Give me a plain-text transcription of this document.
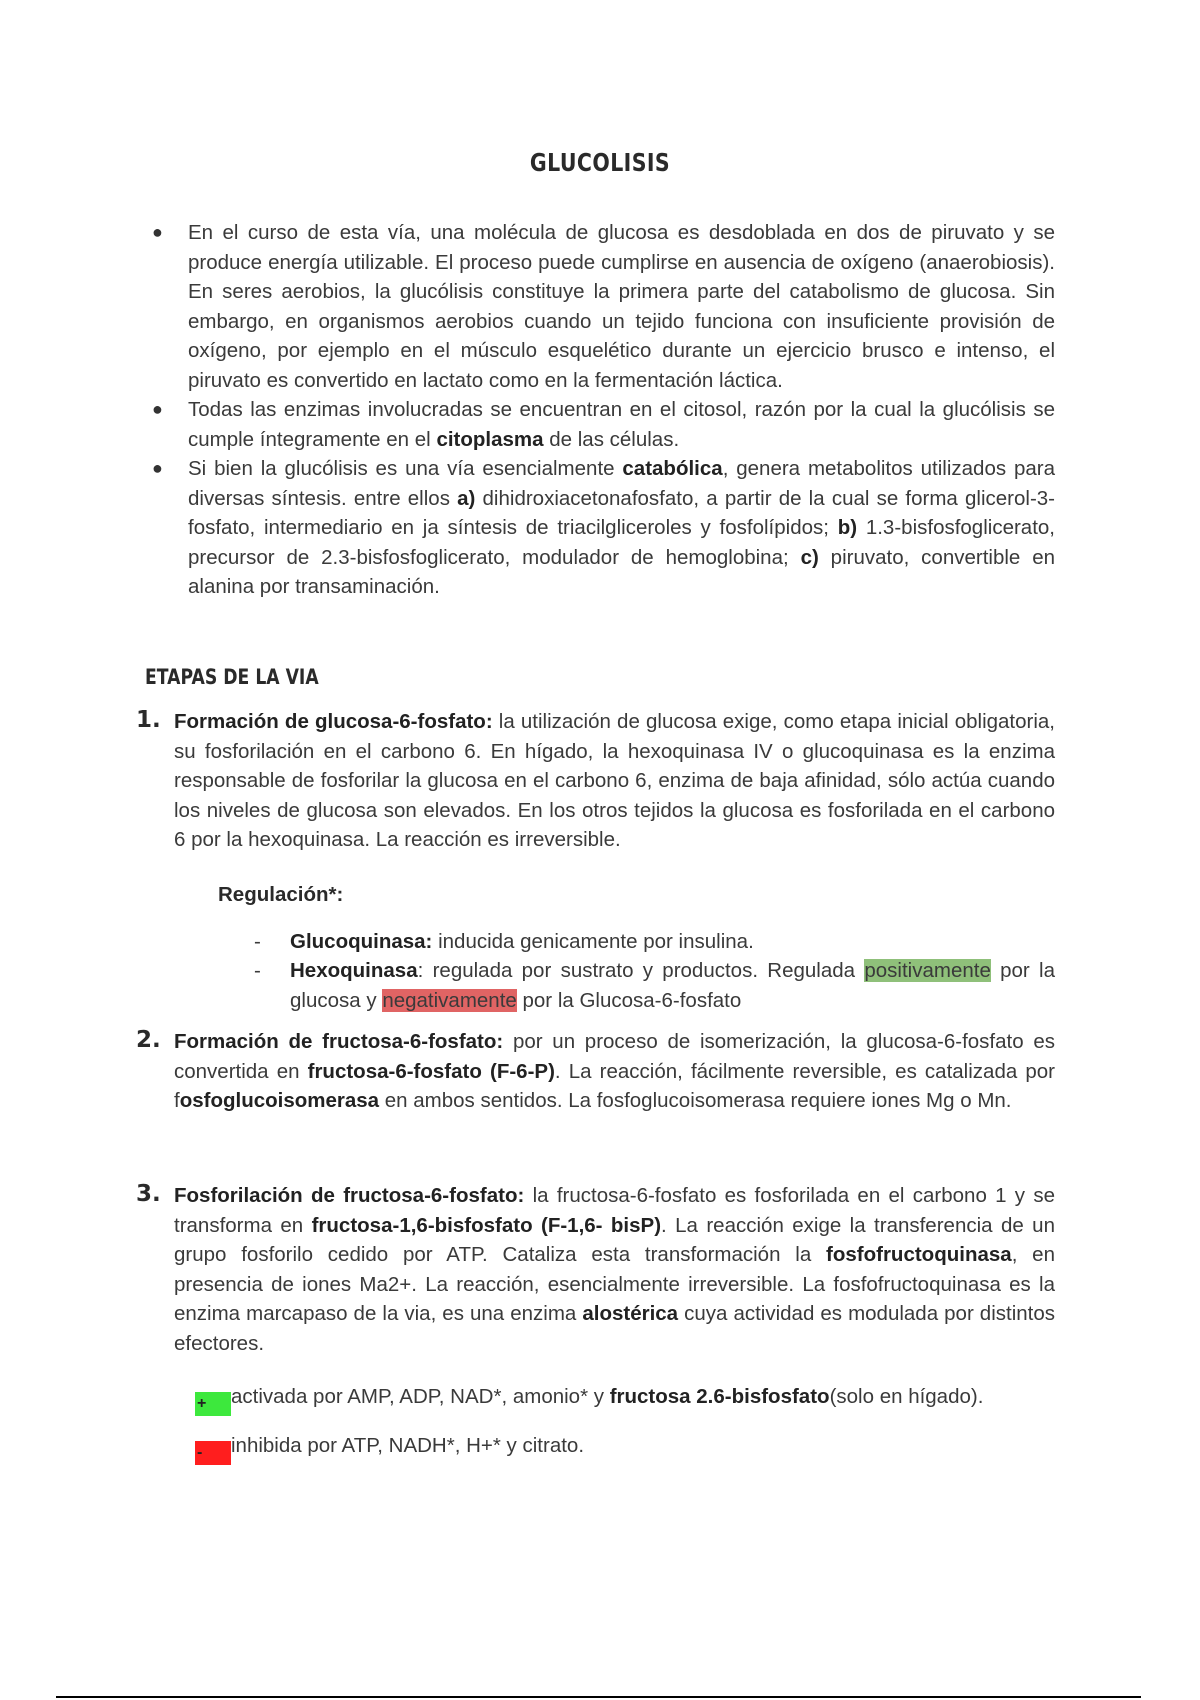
GLUCOLISIS
● En el curso de esta vía, una molécula de glucosa es desdoblada en dos de piruvato y se produce energía utilizable. El proceso puede cumplirse en ausencia de oxígeno (anaerobiosis). En seres aerobios, la glucólisis constituye la primera parte del catabolismo de glucosa. Sin embargo, en organismos aerobios cuando un tejido funciona con insuficiente provisión de oxígeno, por ejemplo en el músculo esquelético durante un ejercicio brusco e intenso, el piruvato es convertido en lactato como en la fermentación láctica.
● Todas las enzimas involucradas se encuentran en el citosol, razón por la cual la glucólisis se cumple íntegramente en el citoplasma de las células.
● Si bien la glucólisis es una vía esencialmente catabólica, genera metabolitos utilizados para diversas síntesis. entre ellos a) dihidroxiacetonafosfato, a partir de la cual se forma glicerol-3-fosfato, intermediario en ja síntesis de triacilgliceroles y fosfolípidos; b) 1.3-bisfosfoglicerato, precursor de 2.3-bisfosfoglicerato, modulador de hemoglobina; c) piruvato, convertible en alanina por transaminación.
ETAPAS DE LA VIA
1. Formación de glucosa-6-fosfato: la utilización de glucosa exige, como etapa inicial obligatoria, su fosforilación en el carbono 6. En hígado, la hexoquinasa IV o glucoquinasa es la enzima responsable de fosforilar la glucosa en el carbono 6, enzima de baja afinidad, sólo actúa cuando los niveles de glucosa son elevados. En los otros tejidos la glucosa es fosforilada en el carbono 6 por la hexoquinasa. La reacción es irreversible.
Regulación*:
- Glucoquinasa: inducida genicamente por insulina.
- Hexoquinasa: regulada por sustrato y productos. Regulada positivamente por la glucosa y negativamente por la Glucosa-6-fosfato
2. Formación de fructosa-6-fosfato: por un proceso de isomerización, la glucosa-6-fosfato es convertida en fructosa-6-fosfato (F-6-P). La reacción, fácilmente reversible, es catalizada por fosfoglucoisomerasa en ambos sentidos. La fosfoglucoisomerasa requiere iones Mg o Mn.
3. Fosforilación de fructosa-6-fosfato: la fructosa-6-fosfato es fosforilada en el carbono 1 y se transforma en fructosa-1,6-bisfosfato (F-1,6- bisP). La reacción exige la transferencia de un grupo fosforilo cedido por ATP. Cataliza esta transformación la fosfofructoquinasa, en presencia de iones Ma2+. La reacción, esencialmente irreversible. La fosfofructoquinasa es la enzima marcapaso de la via, es una enzima alostérica cuya actividad es modulada por distintos efectores.
+ activada por AMP, ADP, NAD*, amonio* y fructosa 2.6-bisfosfato(solo en hígado).
- inhibida por ATP, NADH*, H+* y citrato.
